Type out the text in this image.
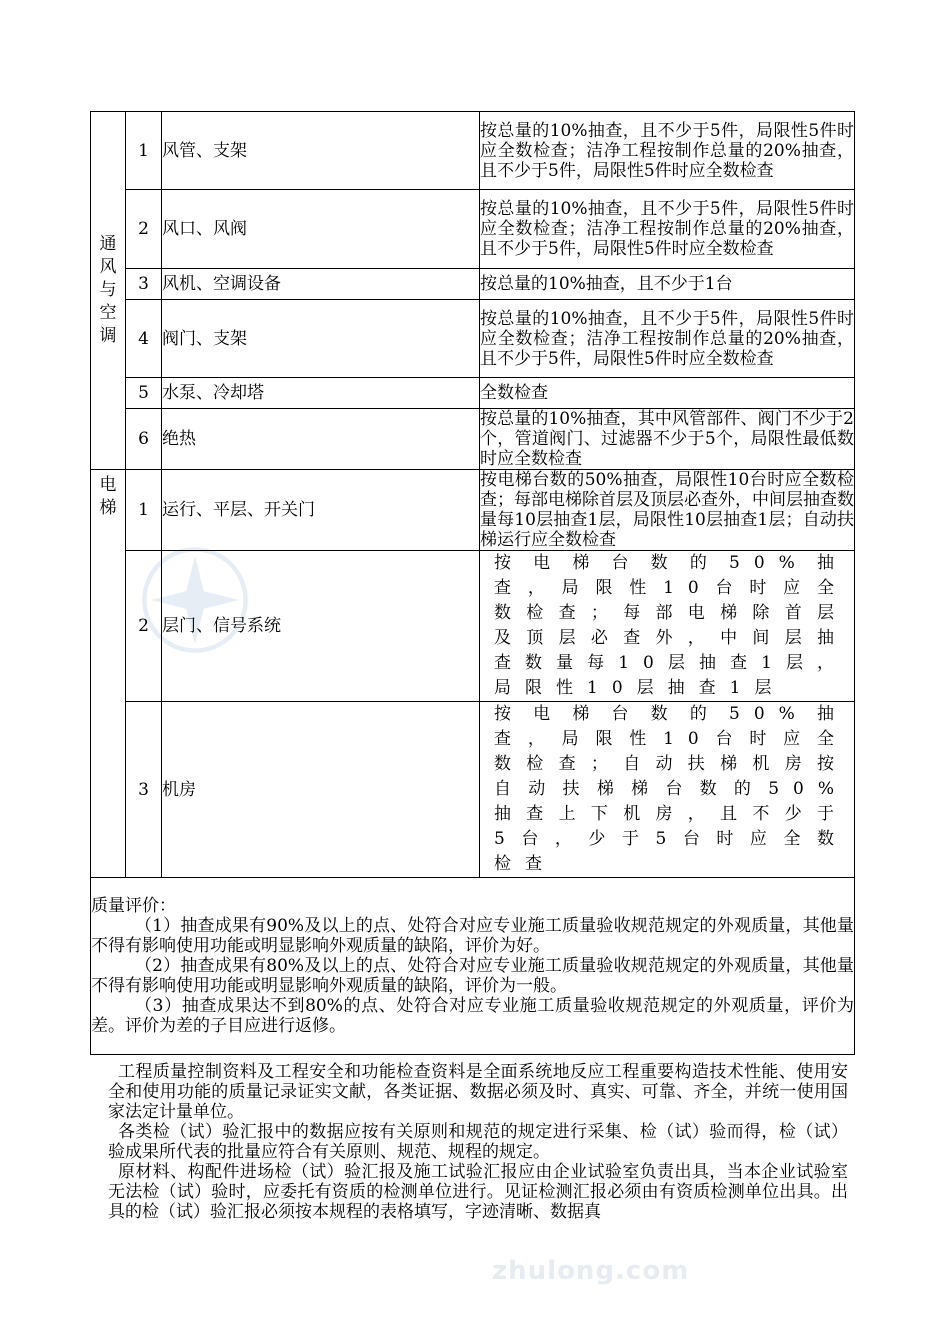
通风与空调	1	风管、支架	按总量的10%抽查，且不少于5件，局限性5件时应全数检查；洁净工程按制作总量的20%抽查，且不少于5件，局限性5件时应全数检查
	2	风口、风阀	按总量的10%抽查，且不少于5件，局限性5件时应全数检查；洁净工程按制作总量的20%抽查，且不少于5件，局限性5件时应全数检查
	3	风机、空调设备	按总量的10%抽查，且不少于1台
	4	阀门、支架	按总量的10%抽查，且不少于5件，局限性5件时应全数检查；洁净工程按制作总量的20%抽查，且不少于5件，局限性5件时应全数检查
	5	水泵、冷却塔	全数检查
	6	绝热	按总量的10%抽查，其中风管部件、阀门不少于2个，管道阀门、过滤器不少于5个，局限性最低数时应全数检查

电梯	1	运行、平层、开关门	按电梯台数的50%抽查，局限性10台时应全数检查；每部电梯除首层及顶层必查外，中间层抽查数量每10层抽查1层，局限性10层抽查1层；自动扶梯运行应全数检查
	2	层门、信号系统	按电梯台数的50%抽查，局限性10台时应全数检查；每部电梯除首层及顶层必查外，中间层抽查数量每10层抽查1层，局限性10层抽查1层
	3	机房	按电梯台数的50%抽查，局限性10台时应全数检查；自动扶梯机房按自动扶梯梯台数的50%抽查上下机房，且不少于5台，少于5台时应全数检查

质量评价：
（1）抽查成果有90%及以上的点、处符合对应专业施工质量验收规范规定的外观质量，其他量不得有影响使用功能或明显影响外观质量的缺陷，评价为好。
（2）抽查成果有80%及以上的点、处符合对应专业施工质量验收规范规定的外观质量，其他量不得有影响使用功能或明显影响外观质量的缺陷，评价为一般。
（3）抽查成果达不到80%的点、处符合对应专业施工质量验收规范规定的外观质量，评价为差。评价为差的子目应进行返修。			

工程质量控制资料及工程安全和功能检查资料是全面系统地反应工程重要构造技术性能、使用安全和使用功能的质量记录证实文献，各类证据、数据必须及时、真实、可靠、齐全，并统一使用国家法定计量单位。

各类检（试）验汇报中的数据应按有关原则和规范的规定进行采集、检（试）验而得，检（试）验成果所代表的批量应符合有关原则、规范、规程的规定。

原材料、构配件进场检（试）验汇报及施工试验汇报应由企业试验室负责出具，当本企业试验室无法检（试）验时，应委托有资质的检测单位进行。见证检测汇报必须由有资质检测单位出具。出具的检（试）验汇报必须按本规程的表格填写，字迹清晰、数据真

zhulong.com
